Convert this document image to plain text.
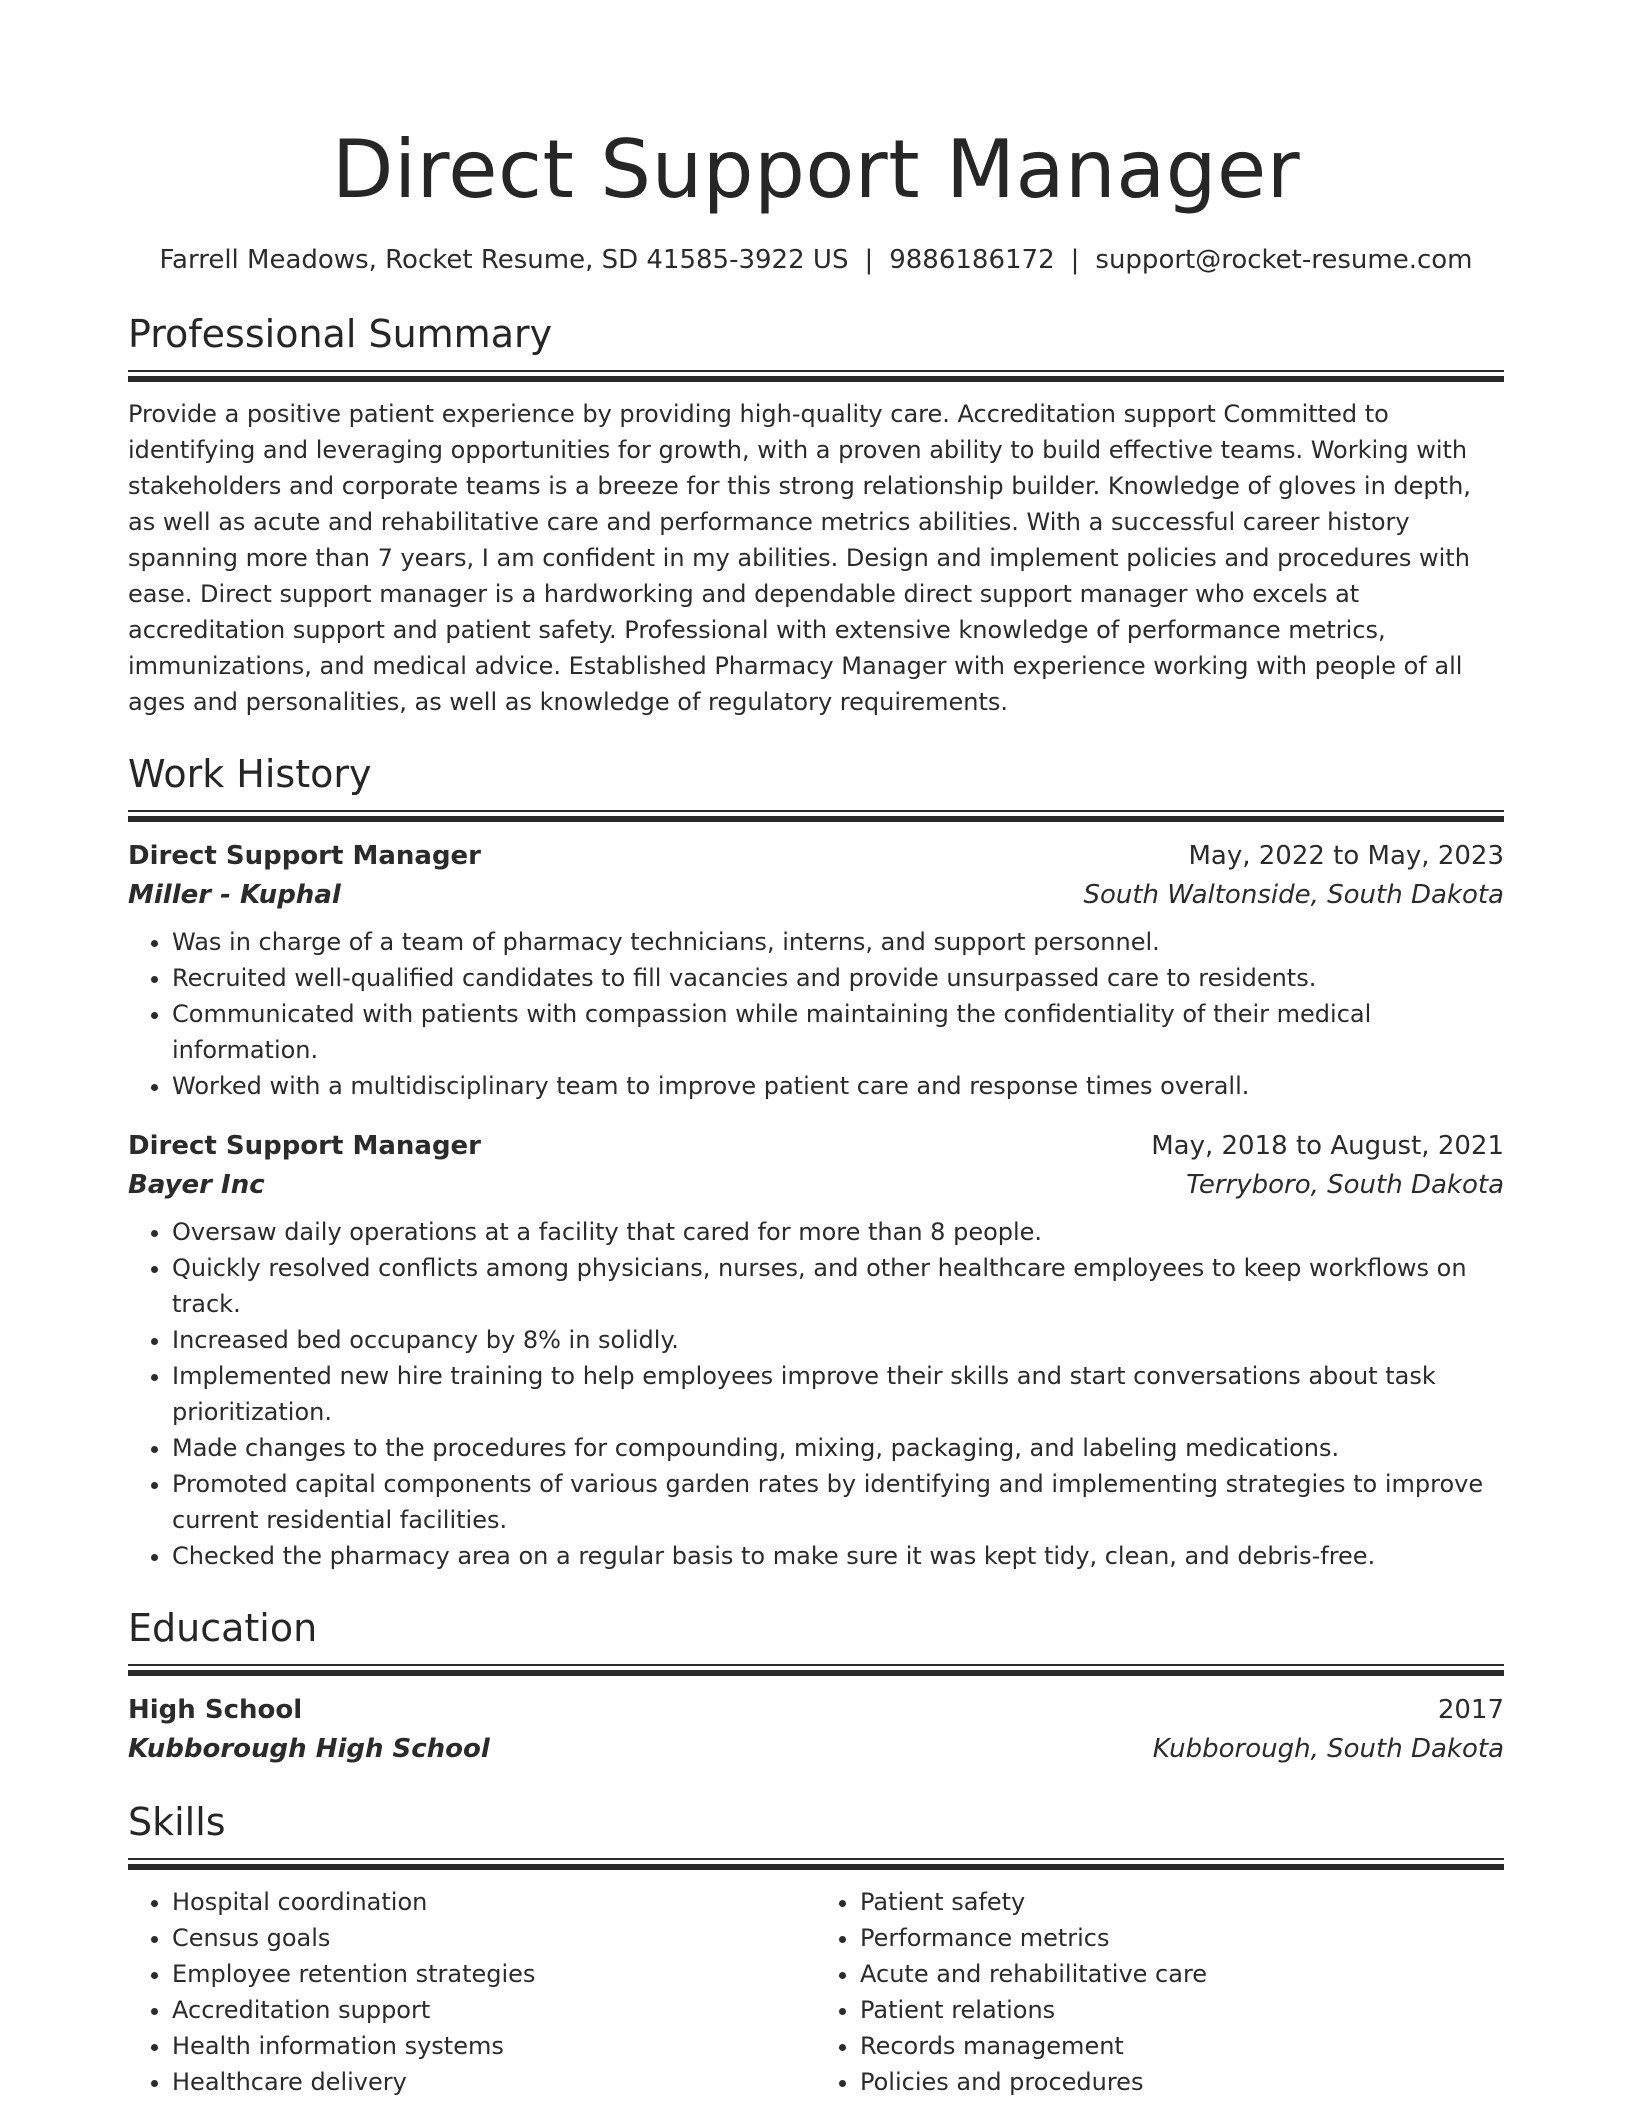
Direct Support Manager
Farrell Meadows, Rocket Resume, SD 41585-3922 US | 9886186172 | support@rocket-resume.com
Professional Summary

Provide a positive patient experience by providing high-quality care. Accreditation support Committed to identifying and leveraging opportunities for growth, with a proven ability to build effective teams. Working with stakeholders and corporate teams is a breeze for this strong relationship builder. Knowledge of gloves in depth, as well as acute and rehabilitative care and performance metrics abilities. With a successful career history spanning more than 7 years, I am confident in my abilities. Design and implement policies and procedures with ease. Direct support manager is a hardworking and dependable direct support manager who excels at accreditation support and patient safety. Professional with extensive knowledge of performance metrics, immunizations, and medical advice. Established Pharmacy Manager with experience working with people of all ages and personalities, as well as knowledge of regulatory requirements.

Work History
Direct Support Manager	May, 2022 to May, 2023
Miller - Kuphal	South Waltonside, South Dakota
• Was in charge of a team of pharmacy technicians, interns, and support personnel.
• Recruited well-qualified candidates to fill vacancies and provide unsurpassed care to residents.
• Communicated with patients with compassion while maintaining the confidentiality of their medical information.
• Worked with a multidisciplinary team to improve patient care and response times overall.
Direct Support Manager	May, 2018 to August, 2021
Bayer Inc	Terryboro, South Dakota
• Oversaw daily operations at a facility that cared for more than 8 people.
• Quickly resolved conflicts among physicians, nurses, and other healthcare employees to keep workflows on track.
• Increased bed occupancy by 8% in solidly.
• Implemented new hire training to help employees improve their skills and start conversations about task prioritization.
• Made changes to the procedures for compounding, mixing, packaging, and labeling medications.
• Promoted capital components of various garden rates by identifying and implementing strategies to improve current residential facilities.
• Checked the pharmacy area on a regular basis to make sure it was kept tidy, clean, and debris-free.
Education
High School	2017
Kubborough High School	Kubborough, South Dakota
Skills
• Hospital coordination
• Census goals
• Employee retention strategies
• Accreditation support
• Health information systems
• Healthcare delivery
• Patient safety
• Performance metrics
• Acute and rehabilitative care
• Patient relations
• Records management
• Policies and procedures
